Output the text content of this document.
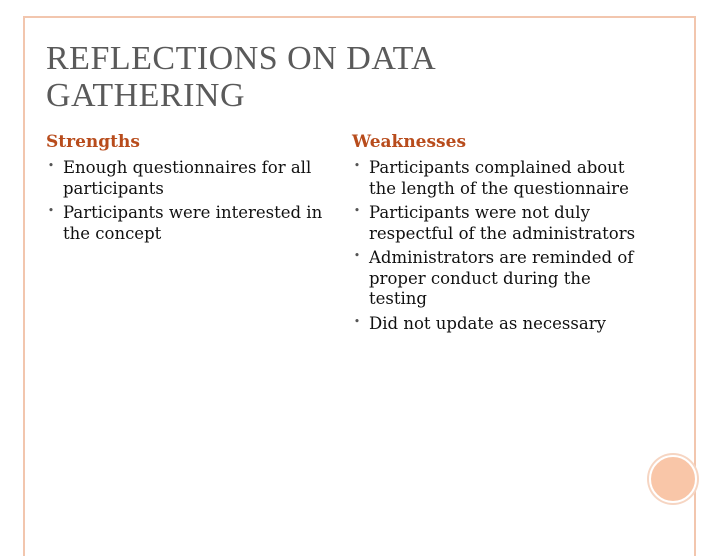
REFLECTIONS ON DATA
GATHERING
Strengths
• Enough questionnaires for all participants
• Participants were interested in the concept
Weaknesses
• Participants complained about the length of the questionnaire
• Participants were not duly respectful of the administrators
• Administrators are reminded of proper conduct during the testing
• Did not update as necessary
